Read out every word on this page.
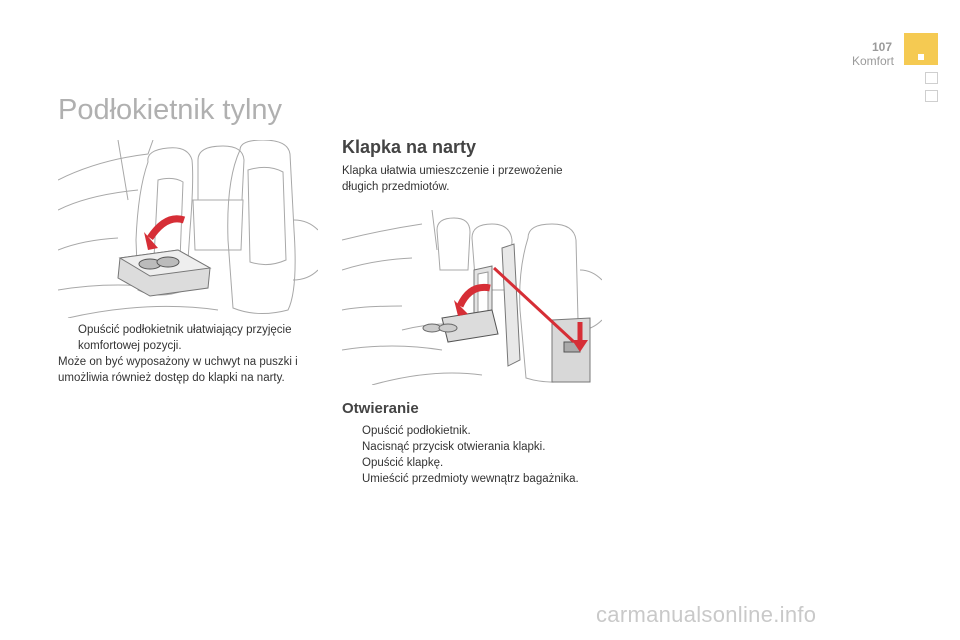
107
Komfort
Podłokietnik tylny
Klapka na narty
Opuścić podłokietnik ułatwiający przyjęcie komfortowej pozycji.
Może on być wyposażony w uchwyt na puszki i umożliwia również dostęp do klapki na narty.
Klapka ułatwia umieszczenie i przewożenie długich przedmiotów.
Otwieranie
Opuścić podłokietnik.
Nacisnąć przycisk otwierania klapki.
Opuścić klapkę.
Umieścić przedmioty wewnątrz bagażnika.
carmanualsonline.info
